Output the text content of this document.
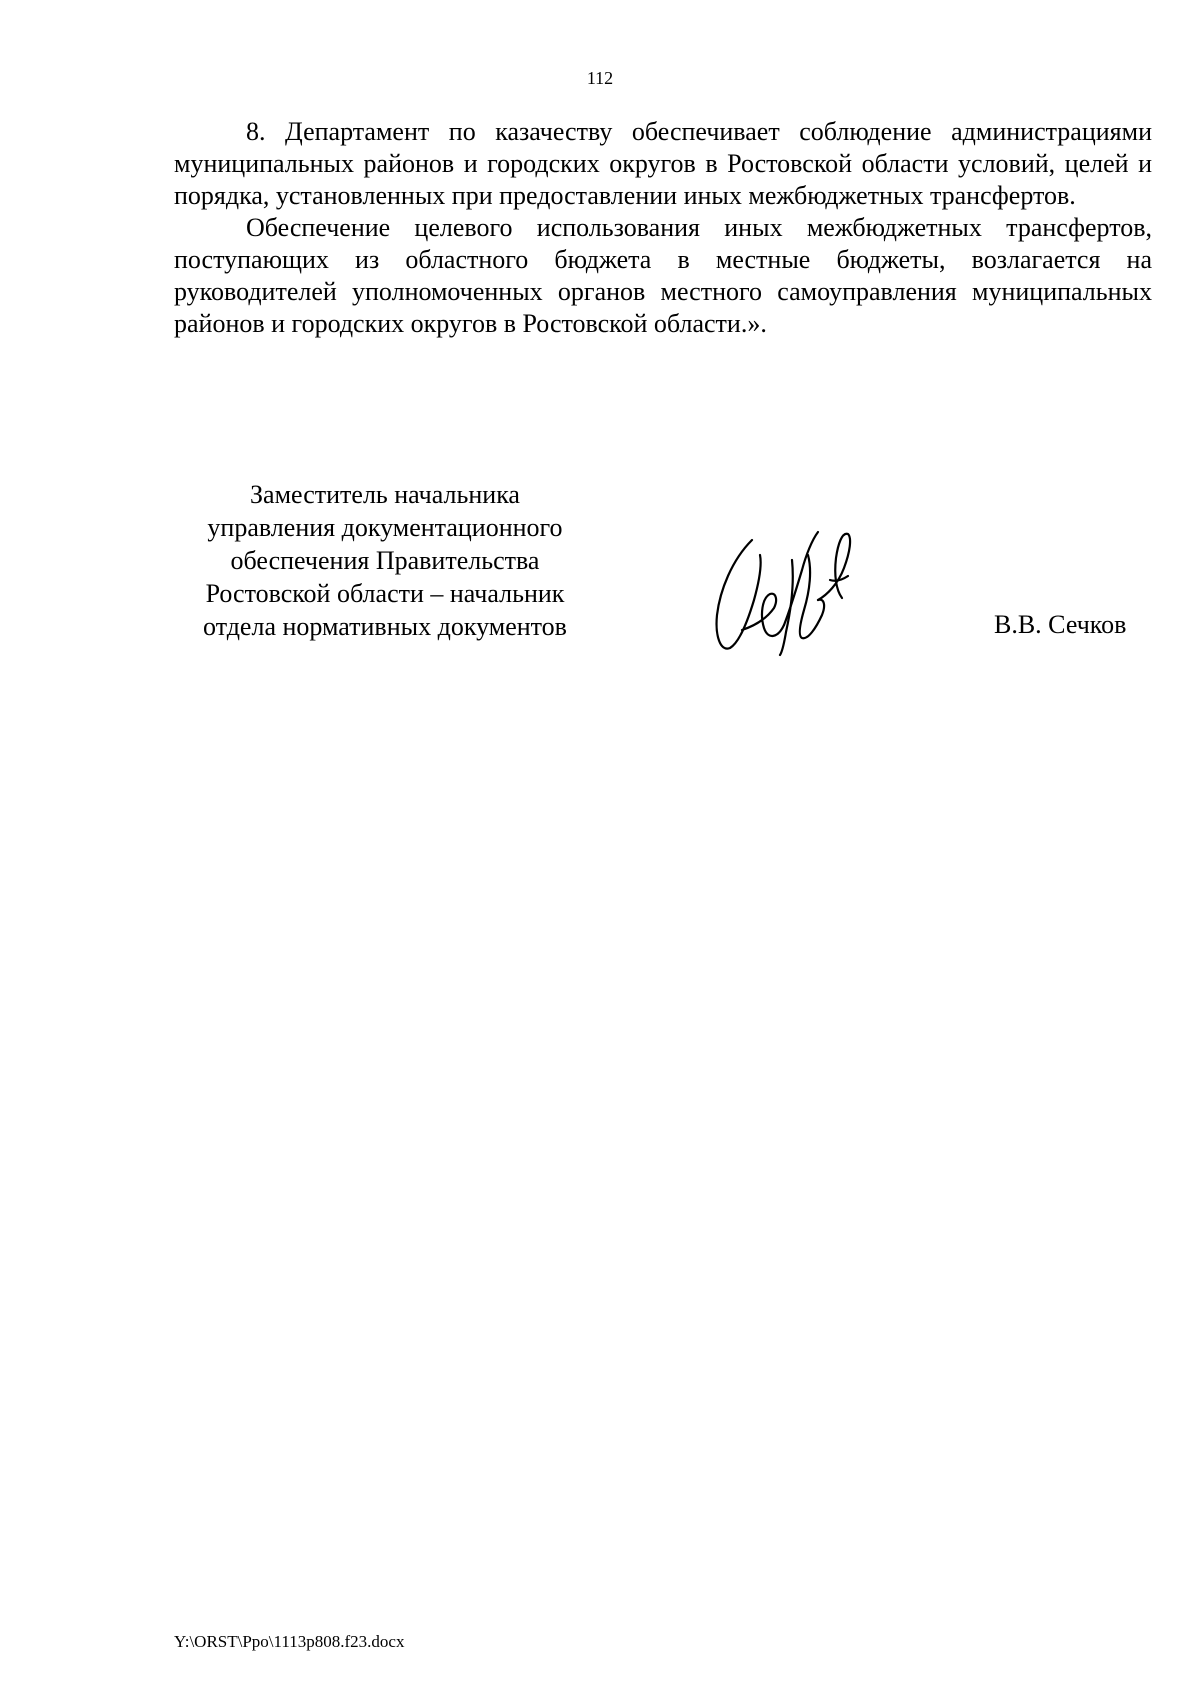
112

8. Департамент по казачеству обеспечивает соблюдение администрациями муниципальных районов и городских округов в Ростовской области условий, целей и порядка, установленных при предоставлении иных межбюджетных трансфертов.

Обеспечение целевого использования иных межбюджетных трансфертов, поступающих из областного бюджета в местные бюджеты, возлагается на руководителей уполномоченных органов местного самоуправления муниципальных районов и городских округов в Ростовской области.».

Заместитель начальника
управления документационного
обеспечения Правительства
Ростовской области – начальник
отдела нормативных документов	В.В. Сечков
Y:\ORST\Ppo\1113p808.f23.docx
